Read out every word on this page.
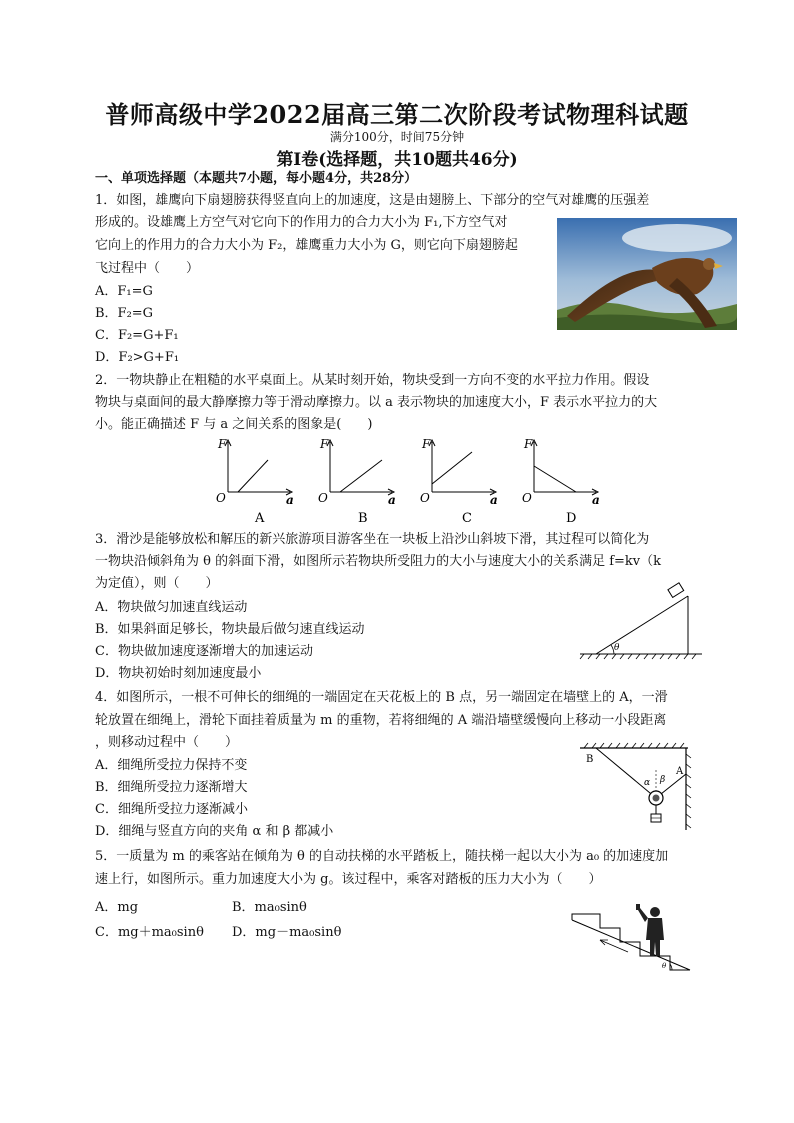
普师高级中学2022届高三第二次阶段考试物理科试题
满分100分，时间75分钟
第Ⅰ卷(选择题，共10题共46分)
一、单项选择题（本题共7小题，每小题4分，共28分）
1．如图，雄鹰向下扇翅膀获得竖直向上的加速度，这是由翅膀上、下部分的空气对雄鹰的压强差
形成的。设雄鹰上方空气对它向下的作用力的合力大小为 F₁,下方空气对
它向上的作用力的合力大小为 F₂，雄鹰重力大小为 G，则它向下扇翅膀起
飞过程中（　　）
A．F₁=G
B．F₂=G
C．F₂=G+F₁
D．F₂>G+F₁
2．一物块静止在粗糙的水平桌面上。从某时刻开始，物块受到一方向不变的水平拉力作用。假设
物块与桌面间的最大静摩擦力等于滑动摩擦力。以 a 表示物块的加速度大小，F 表示水平拉力的大
小。能正确描述 F 与 a 之间关系的图象是(　　)
F
O	a
A
F
O	a
B
F
O	a
C
F
O	a
D
3．滑沙是能够放松和解压的新兴旅游项目游客坐在一块板上沿沙山斜坡下滑，其过程可以简化为
一物块沿倾斜角为 θ 的斜面下滑，如图所示若物块所受阻力的大小与速度大小的关系满足 f=kv（k
为定值），则（　　）
A．物块做匀加速直线运动
B．如果斜面足够长，物块最后做匀速直线运动
C．物块做加速度逐渐增大的加速运动
D．物块初始时刻加速度最小
θ
4．如图所示，一根不可伸长的细绳的一端固定在天花板上的 B 点，另一端固定在墙壁上的 A，一滑
轮放置在细绳上，滑轮下面挂着质量为 m 的重物，若将细绳的 A 端沿墙壁缓慢向上移动一小段距离
，则移动过程中（　　）
A．细绳所受拉力保持不变
B．细绳所受拉力逐渐增大
C．细绳所受拉力逐渐减小
D．细绳与竖直方向的夹角 α 和 β 都减小
B
A
α β
5．一质量为 m 的乘客站在倾角为 θ 的自动扶梯的水平踏板上，随扶梯一起以大小为 a₀ 的加速度加
速上行，如图所示。重力加速度大小为 g。该过程中，乘客对踏板的压力大小为（　　）
A．mg	B．ma₀sinθ
C．mg＋ma₀sinθ D．mg－ma₀sinθ
θ
